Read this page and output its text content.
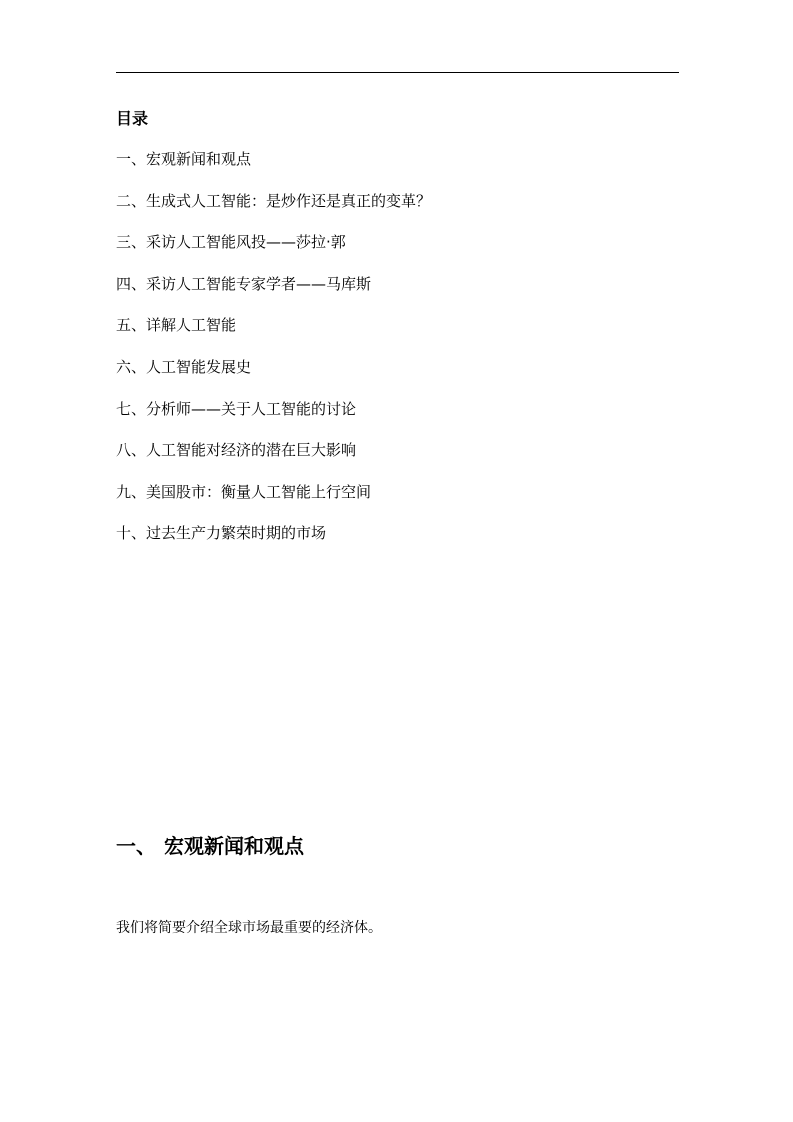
目录
一、宏观新闻和观点
二、生成式人工智能：是炒作还是真正的变革？
三、采访人工智能风投——莎拉·郭
四、采访人工智能专家学者——马库斯
五、详解人工智能
六、人工智能发展史
七、分析师——关于人工智能的讨论
八、人工智能对经济的潜在巨大影响
九、美国股市：衡量人工智能上行空间
十、过去生产力繁荣时期的市场
一、 宏观新闻和观点
我们将简要介绍全球市场最重要的经济体。
